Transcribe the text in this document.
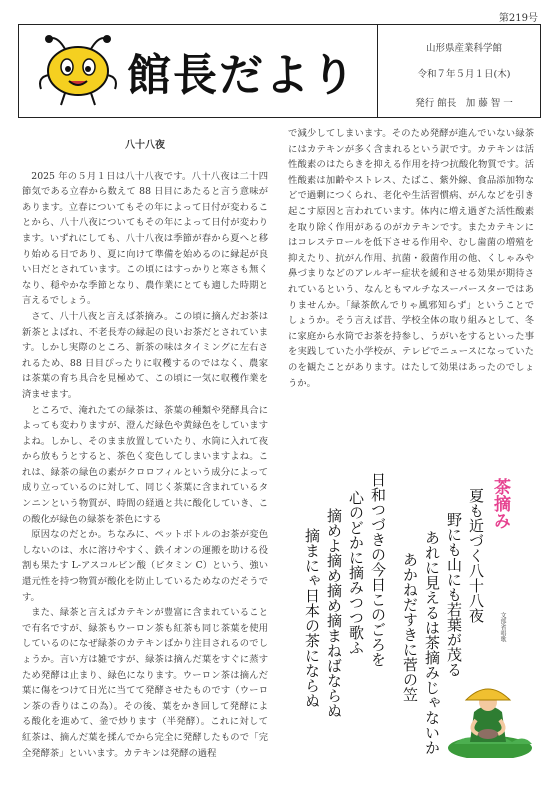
第219号
館長だより
山形県産業科学館
令和７年５月１日(木)
発行 館長　加 藤 智 一
八十八夜

2025 年の５月１日は八十八夜です。八十八夜は二十四節気である立春から数えて 88 日目にあたると言う意味があります。立春についてもその年によって日付が変わることから、八十八夜についてもその年によって日付が変わります。いずれにしても、八十八夜は季節が春から夏へと移り始める日であり、夏に向けて準備を始めるのに縁起が良い日だとされています。この頃にはすっかりと寒さも無くなり、穏やかな季節となり、農作業にとても適した時期と言えるでしょう。

さて、八十八夜と言えば茶摘み。この頃に摘んだお茶は新茶とよばれ、不老長寿の縁起の良いお茶だとされています。しかし実際のところ、新茶の味はタイミングに左右されるため、88 日目ぴったりに収穫するのではなく、農家は茶葉の育ち具合を見極めて、この頃に一気に収穫作業を済ませます。

ところで、淹れたての緑茶は、茶葉の種類や発酵具合によっても変わりますが、澄んだ緑色や黄緑色をしていますよね。しかし、そのまま放置していたり、水筒に入れて夜から放もうとすると、茶色く変色してしまいますよね。これは、緑茶の緑色の素がクロロフィルという成分によって成り立っているのに対して、同じく茶葉に含まれているタンニンという物質が、時間の経過と共に酸化していき、この酸化が緑色の緑茶を茶色にする

原因なのだとか。ちなみに、ペットボトルのお茶が変色しないのは、水に溶けやすく、鉄イオンの運搬を助ける役割も果たす L-アスコルビン酸（ビタミン C）という、強い還元性を持つ物質が酸化を防止しているためなのだそうです。

また、緑茶と言えばカテキンが豊富に含まれていることで有名ですが、緑茶もウーロン茶も紅茶も同じ茶葉を使用しているのになぜ緑茶のカテキンばかり注目されるのでしょうか。言い方は雑ですが、緑茶は摘んだ葉をすぐに蒸すため発酵は止まり、緑色になります。ウーロン茶は摘んだ葉に傷をつけて日光に当てて発酵させたものです（ウーロン茶の香りはこの為）。その後、葉をかき回して発酵による酸化を進めて、釜で炒ります（半発酵）。これに対して紅茶は、摘んだ葉を揉んでから完全に発酵したもので「完全発酵茶」といいます。カテキンは発酵の過程

で減少してしまいます。そのため発酵が進んでいない緑茶にはカテキンが多く含まれるという訳です。カテキンは活性酸素のはたらきを抑える作用を持つ抗酸化物質です。活性酸素は加齢やストレス、たばこ、紫外線、食品添加物などで過剰につくられ、老化や生活習慣病、がんなどを引き起こす原因と言われています。体内に増え過ぎた活性酸素を取り除く作用があるのがカテキンです。またカテキンにはコレステロールを低下させる作用や、むし歯菌の増殖を抑えたり、抗がん作用、抗菌・殺菌作用の他、くしゃみや鼻づまりなどのアレルギー症状を緩和させる効果が期待されているという、なんともマルチなスーパースターではありませんか。「緑茶飲んでりゃ風邪知らず」ということでしょうか。そう言えば昔、学校全体の取り組みとして、冬に家庭から水筒でお茶を持参し、うがいをするといった事を実践していた小学校が、テレビでニュースになっていたのを観たことがあります。はたして効果はあったのでしょうか。

茶摘み
文部省唱歌
夏も近づく八十八夜
野にも山にも若葉が茂る
あれに見えるは茶摘みじゃないか
あかねだすきに菅の笠
日和つづきの今日このごろを
心のどかに摘みつつ歌ふ
摘めよ摘め摘め摘まねばならぬ
摘まにゃ日本の茶にならぬ
